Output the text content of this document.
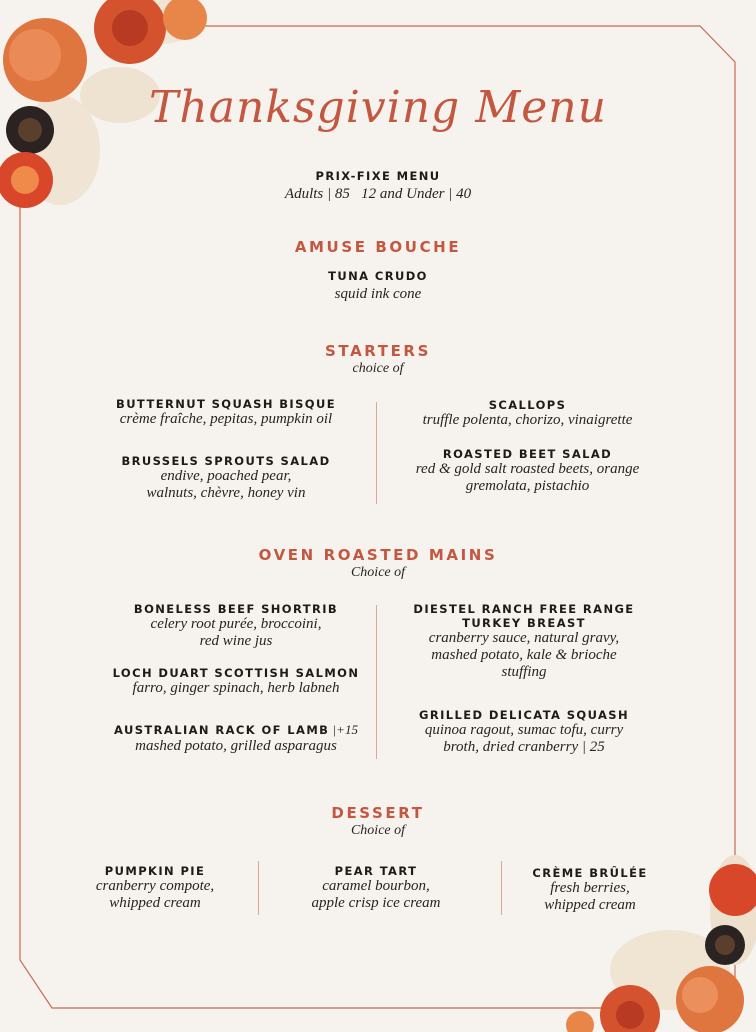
Thanksgiving Menu
PRIX-FIXE MENU
Adults | 85   12 and Under | 40
AMUSE BOUCHE
TUNA CRUDO
squid ink cone
STARTERS
choice of
BUTTERNUT SQUASH BISQUE
crème fraîche, pepitas, pumpkin oil
BRUSSELS SPROUTS SALAD
endive, poached pear,
walnuts, chèvre, honey vin
SCALLOPS
truffle polenta, chorizo, vinaigrette
ROASTED BEET SALAD
red & gold salt roasted beets, orange
gremolata, pistachio
OVEN ROASTED MAINS
Choice of
BONELESS BEEF SHORTRIB
celery root purée, broccoini,
red wine jus
LOCH DUART SCOTTISH SALMON
farro, ginger spinach, herb labneh
AUSTRALIAN RACK OF LAMB |+15
mashed potato, grilled asparagus
DIESTEL RANCH FREE RANGE
TURKEY BREAST
cranberry sauce, natural gravy,
mashed potato, kale & brioche
stuffing
GRILLED DELICATA SQUASH
quinoa ragout, sumac tofu, curry
broth, dried cranberry | 25
DESSERT
Choice of
PUMPKIN PIE
cranberry compote,
whipped cream
PEAR TART
caramel bourbon,
apple crisp ice cream
CRÈME BRÛLÉE
fresh berries,
whipped cream
